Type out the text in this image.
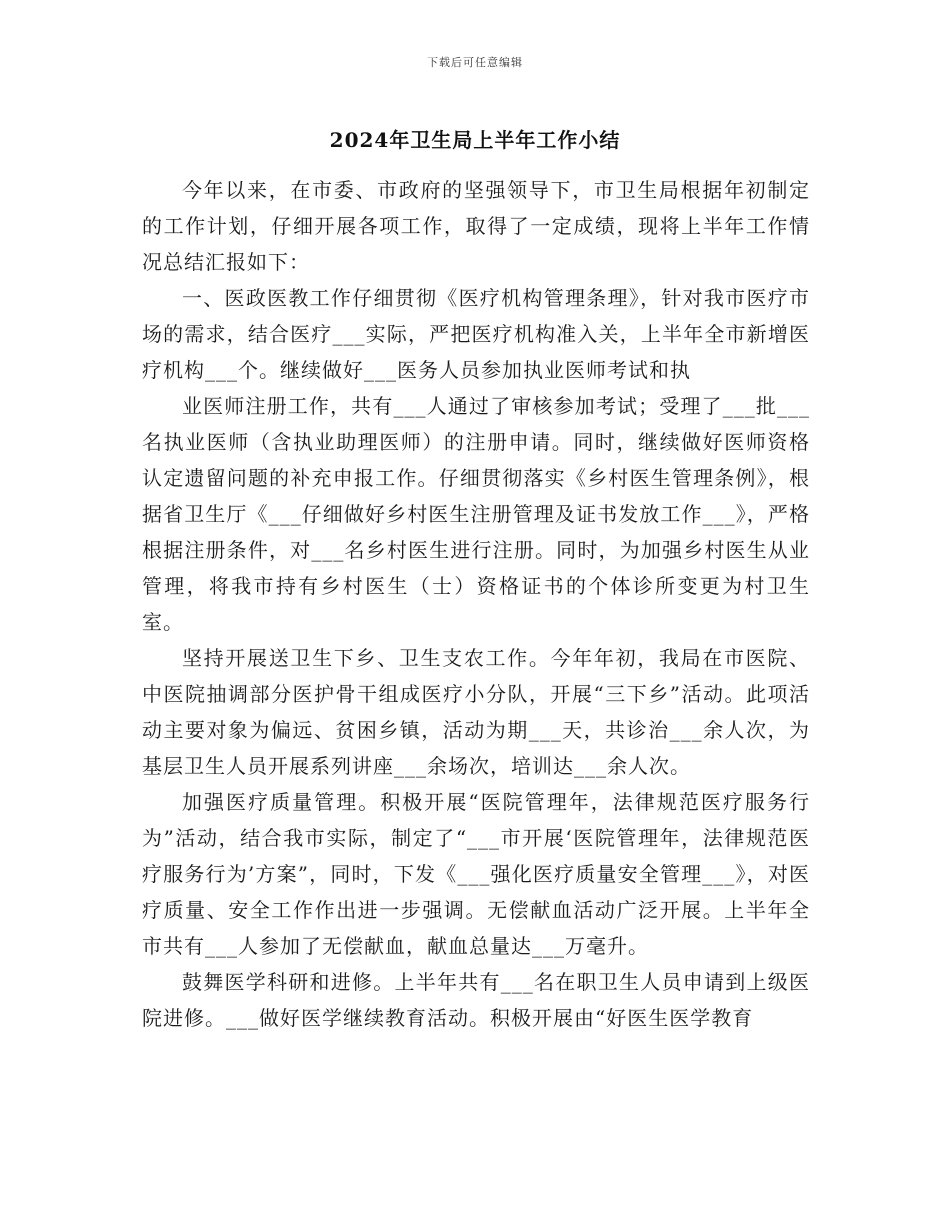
下载后可任意编辑
2024年卫生局上半年工作小结

今年以来，在市委、市政府的坚强领导下，市卫生局根据年初制定的工作计划，仔细开展各项工作，取得了一定成绩，现将上半年工作情况总结汇报如下：

一、医政医教工作仔细贯彻《医疗机构管理条理》，针对我市医疗市场的需求，结合医疗___实际，严把医疗机构准入关，上半年全市新增医疗机构___个。继续做好___医务人员参加执业医师考试和执

业医师注册工作，共有___人通过了审核参加考试；受理了___批___名执业医师（含执业助理医师）的注册申请。同时，继续做好医师资格认定遗留问题的补充申报工作。仔细贯彻落实《乡村医生管理条例》，根据省卫生厅《___仔细做好乡村医生注册管理及证书发放工作___》，严格根据注册条件，对___名乡村医生进行注册。同时，为加强乡村医生从业管理，将我市持有乡村医生（士）资格证书的个体诊所变更为村卫生室。

坚持开展送卫生下乡、卫生支农工作。今年年初，我局在市医院、中医院抽调部分医护骨干组成医疗小分队，开展“三下乡”活动。此项活动主要对象为偏远、贫困乡镇，活动为期___天，共诊治___余人次，为基层卫生人员开展系列讲座___余场次，培训达___余人次。

加强医疗质量管理。积极开展“医院管理年，法律规范医疗服务行为”活动，结合我市实际，制定了“___市开展‘医院管理年，法律规范医疗服务行为’方案”，同时，下发《___强化医疗质量安全管理___》，对医疗质量、安全工作作出进一步强调。无偿献血活动广泛开展。上半年全市共有___人参加了无偿献血，献血总量达___万毫升。

鼓舞医学科研和进修。上半年共有___名在职卫生人员申请到上级医院进修。___做好医学继续教育活动。积极开展由“好医生医学教育
